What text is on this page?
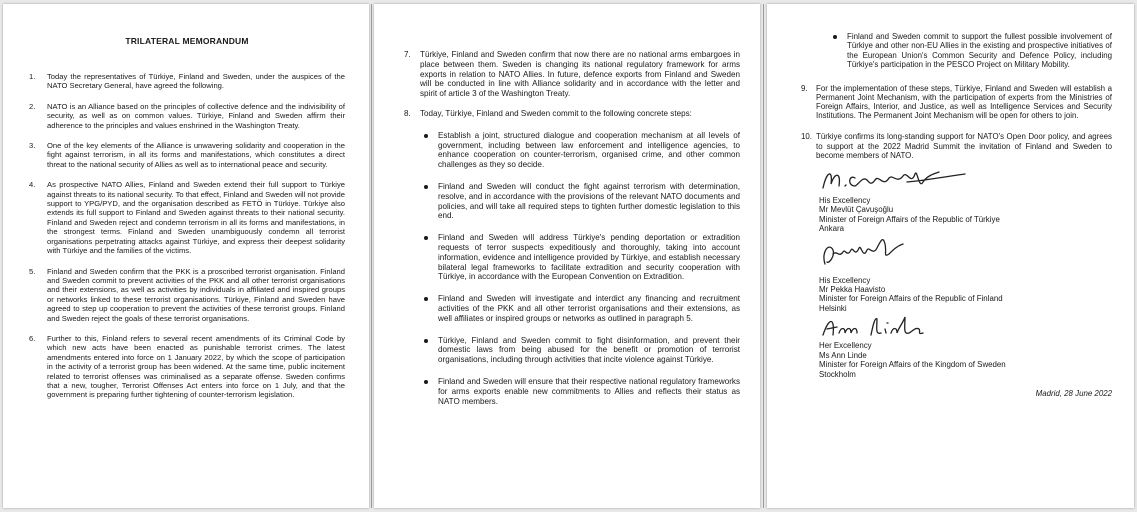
TRILATERAL MEMORANDUM
1.	Today the representatives of Türkiye, Finland and Sweden, under the auspices of the NATO Secretary General, have agreed the following.
2.	NATO is an Alliance based on the principles of collective defence and the indivisibility of security, as well as on common values. Türkiye, Finland and Sweden affirm their adherence to the principles and values enshrined in the Washington Treaty.
3.	One of the key elements of the Alliance is unwavering solidarity and cooperation in the fight against terrorism, in all its forms and manifestations, which constitutes a direct threat to the national security of Allies as well as to international peace and security.
4.	As prospective NATO Allies, Finland and Sweden extend their full support to Türkiye against threats to its national security. To that effect, Finland and Sweden will not provide support to YPG/PYD, and the organisation described as FETÖ in Türkiye. Türkiye also extends its full support to Finland and Sweden against threats to their national security. Finland and Sweden reject and condemn terrorism in all its forms and manifestations, in the strongest terms. Finland and Sweden unambiguously condemn all terrorist organisations perpetrating attacks against Türkiye, and express their deepest solidarity with Türkiye and the families of the victims.
5.	Finland and Sweden confirm that the PKK is a proscribed terrorist organisation. Finland and Sweden commit to prevent activities of the PKK and all other terrorist organisations and their extensions, as well as activities by individuals in affiliated and inspired groups or networks linked to these terrorist organisations. Türkiye, Finland and Sweden have agreed to step up cooperation to prevent the activities of these terrorist groups. Finland and Sweden reject the goals of these terrorist organisations.
6.	Further to this, Finland refers to several recent amendments of its Criminal Code by which new acts have been enacted as punishable terrorist crimes. The latest amendments entered into force on 1 January 2022, by which the scope of participation in the activity of a terrorist group has been widened. At the same time, public incitement related to terrorist offenses was criminalised as a separate offense. Sweden confirms that a new, tougher, Terrorist Offenses Act enters into force on 1 July, and that the government is preparing further tightening of counter-terrorism legislation.
7.	Türkiye, Finland and Sweden confirm that now there are no national arms embargoes in place between them. Sweden is changing its national regulatory framework for arms exports in relation to NATO Allies. In future, defence exports from Finland and Sweden will be conducted in line with Alliance solidarity and in accordance with the letter and spirit of article 3 of the Washington Treaty.
8.	Today, Türkiye, Finland and Sweden commit to the following concrete steps:
Establish a joint, structured dialogue and cooperation mechanism at all levels of government, including between law enforcement and intelligence agencies, to enhance cooperation on counter-terrorism, organised crime, and other common challenges as they so decide.
Finland and Sweden will conduct the fight against terrorism with determination, resolve, and in accordance with the provisions of the relevant NATO documents and policies, and will take all required steps to tighten further domestic legislation to this end.
Finland and Sweden will address Türkiye's pending deportation or extradition requests of terror suspects expeditiously and thoroughly, taking into account information, evidence and intelligence provided by Türkiye, and establish necessary bilateral legal frameworks to facilitate extradition and security cooperation with Türkiye, in accordance with the European Convention on Extradition.
Finland and Sweden will investigate and interdict any financing and recruitment activities of the PKK and all other terrorist organisations and their extensions, as well affiliates or inspired groups or networks as outlined in paragraph 5.
Türkiye, Finland and Sweden commit to fight disinformation, and prevent their domestic laws from being abused for the benefit or promotion of terrorist organisations, including through activities that incite violence against Türkiye.
Finland and Sweden will ensure that their respective national regulatory frameworks for arms exports enable new commitments to Allies and reflects their status as NATO members.
Finland and Sweden commit to support the fullest possible involvement of Türkiye and other non-EU Allies in the existing and prospective initiatives of the European Union's Common Security and Defence Policy, including Türkiye's participation in the PESCO Project on Military Mobility.
9.	For the implementation of these steps, Türkiye, Finland and Sweden will establish a Permanent Joint Mechanism, with the participation of experts from the Ministries of Foreign Affairs, Interior, and Justice, as well as Intelligence Services and Security Institutions. The Permanent Joint Mechanism will be open for others to join.
10. Türkiye confirms its long-standing support for NATO's Open Door policy, and agrees to support at the 2022 Madrid Summit the invitation of Finland and Sweden to become members of NATO.
His Excellency
Mr Mevlüt Çavuşoğlu
Minister of Foreign Affairs of the Republic of Türkiye
Ankara
His Excellency
Mr Pekka Haavisto
Minister for Foreign Affairs of the Republic of Finland
Helsinki
Her Excellency
Ms Ann Linde
Minister for Foreign Affairs of the Kingdom of Sweden
Stockholm
Madrid, 28 June 2022
